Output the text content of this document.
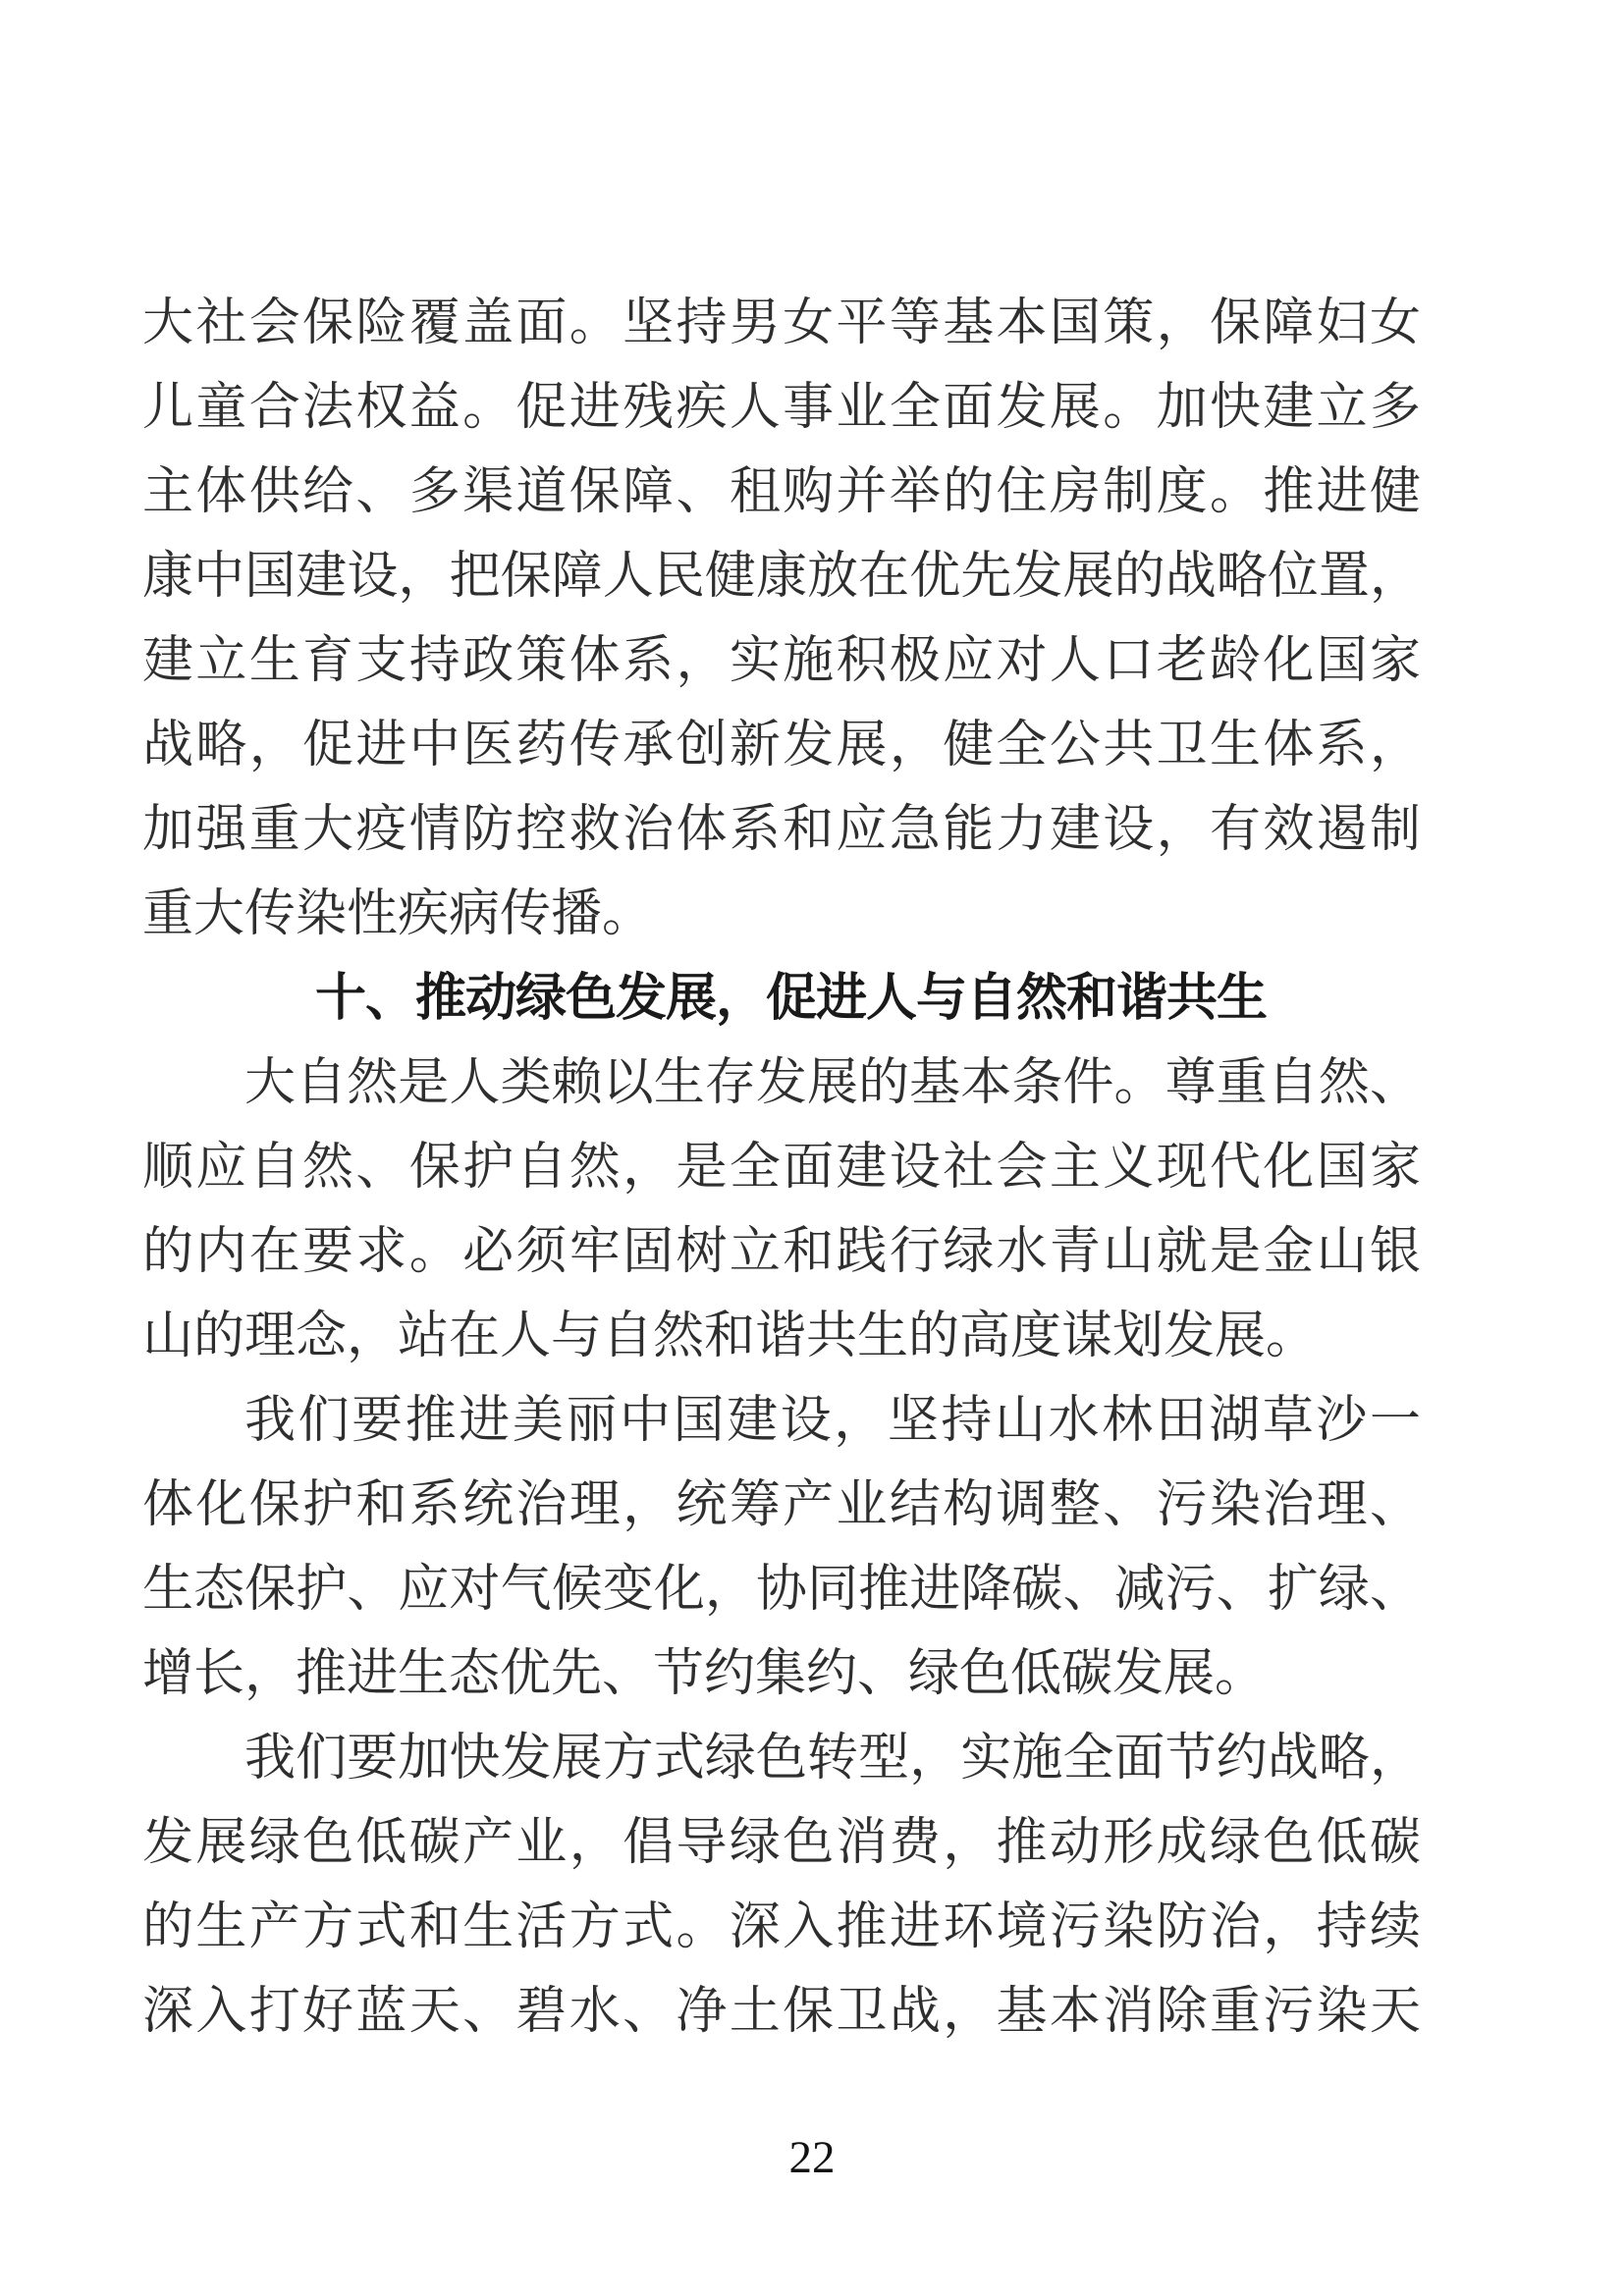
大社会保险覆盖面。坚持男女平等基本国策，保障妇女
儿童合法权益。促进残疾人事业全面发展。加快建立多
主体供给、多渠道保障、租购并举的住房制度。推进健
康中国建设，把保障人民健康放在优先发展的战略位置，
建立生育支持政策体系，实施积极应对人口老龄化国家
战略，促进中医药传承创新发展，健全公共卫生体系，
加强重大疫情防控救治体系和应急能力建设，有效遏制
重大传染性疾病传播。
十、推动绿色发展，促进人与自然和谐共生
大自然是人类赖以生存发展的基本条件。尊重自然、
顺应自然、保护自然，是全面建设社会主义现代化国家
的内在要求。必须牢固树立和践行绿水青山就是金山银
山的理念，站在人与自然和谐共生的高度谋划发展。
我们要推进美丽中国建设，坚持山水林田湖草沙一
体化保护和系统治理，统筹产业结构调整、污染治理、
生态保护、应对气候变化，协同推进降碳、减污、扩绿、
增长，推进生态优先、节约集约、绿色低碳发展。
我们要加快发展方式绿色转型，实施全面节约战略，
发展绿色低碳产业，倡导绿色消费，推动形成绿色低碳
的生产方式和生活方式。深入推进环境污染防治，持续
深入打好蓝天、碧水、净土保卫战，基本消除重污染天
22
